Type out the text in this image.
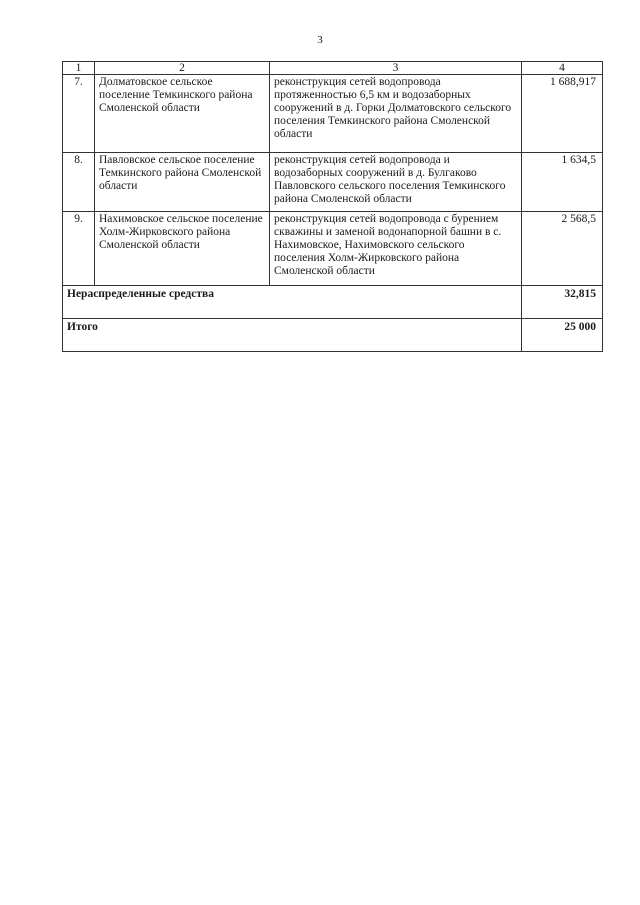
3
1	2	3	4
7.	Долматовское сельское поселение Темкинского района Смоленской области	реконструкция сетей водопровода протяженностью 6,5 км и водозаборных сооружений в д. Горки Долматовского сельского поселения Темкинского района Смоленской области	1 688,917
8.	Павловское сельское поселение Темкинского района Смоленской области	реконструкция сетей водопровода и водозаборных сооружений в д. Булгаково Павловского сельского поселения Темкинского района Смоленской области	1 634,5
9.	Нахимовское сельское поселение Холм-Жирковского района Смоленской области	реконструкция сетей водопровода с бурением скважины и заменой водонапорной башни в с. Нахимовское, Нахимовского сельского поселения Холм-Жирковского района Смоленской области	2 568,5
Нераспределенные средства			32,815
Итого			25 000
